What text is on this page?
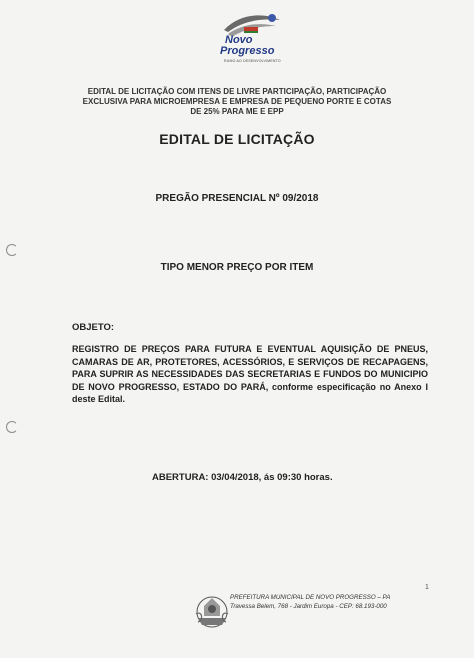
Novo
Progresso
RUMO AO DESENVOLVIMENTO
EDITAL DE LICITAÇÃO COM ITENS DE LIVRE PARTICIPAÇÃO, PARTICIPAÇÃO
EXCLUSIVA PARA MICROEMPRESA E EMPRESA DE PEQUENO PORTE E COTAS
DE 25% PARA ME E EPP
EDITAL DE LICITAÇÃO
PREGÃO PRESENCIAL Nº 09/2018
TIPO MENOR PREÇO POR ITEM
OBJETO:
REGISTRO DE PREÇOS PARA FUTURA E EVENTUAL AQUISIÇÃO DE PNEUS, CAMARAS DE AR, PROTETORES, ACESSÓRIOS, E SERVIÇOS DE RECAPAGENS, PARA SUPRIR AS NECESSIDADES DAS SECRETARIAS E FUNDOS DO MUNICIPIO DE NOVO PROGRESSO, ESTADO DO PARÁ, conforme especificação no Anexo I deste Edital.
ABERTURA: 03/04/2018, ás 09:30 horas.
1
PREFEITURA MUNICIPAL DE NOVO PROGRESSO – PA
Travessa Belem, 768 - Jardim Europa - CEP: 68.193-000
